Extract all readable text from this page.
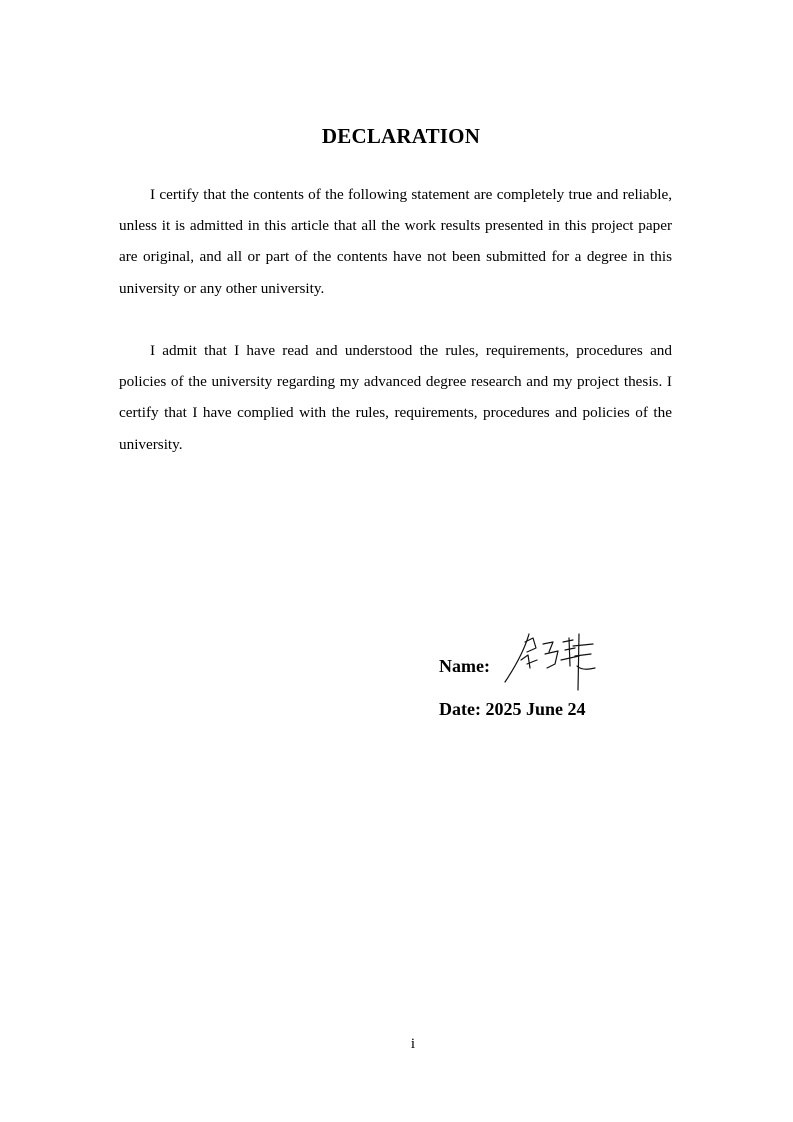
DECLARATION

I certify that the contents of the following statement are completely true and reliable, unless it is admitted in this article that all the work results presented in this project paper are original, and all or part of the contents have not been submitted for a degree in this university or any other university.

I admit that I have read and understood the rules, requirements, procedures and policies of the university regarding my advanced degree research and my project thesis. I certify that I have complied with the rules, requirements, procedures and policies of the university.

Name:

Date: 2025 June 24

i
